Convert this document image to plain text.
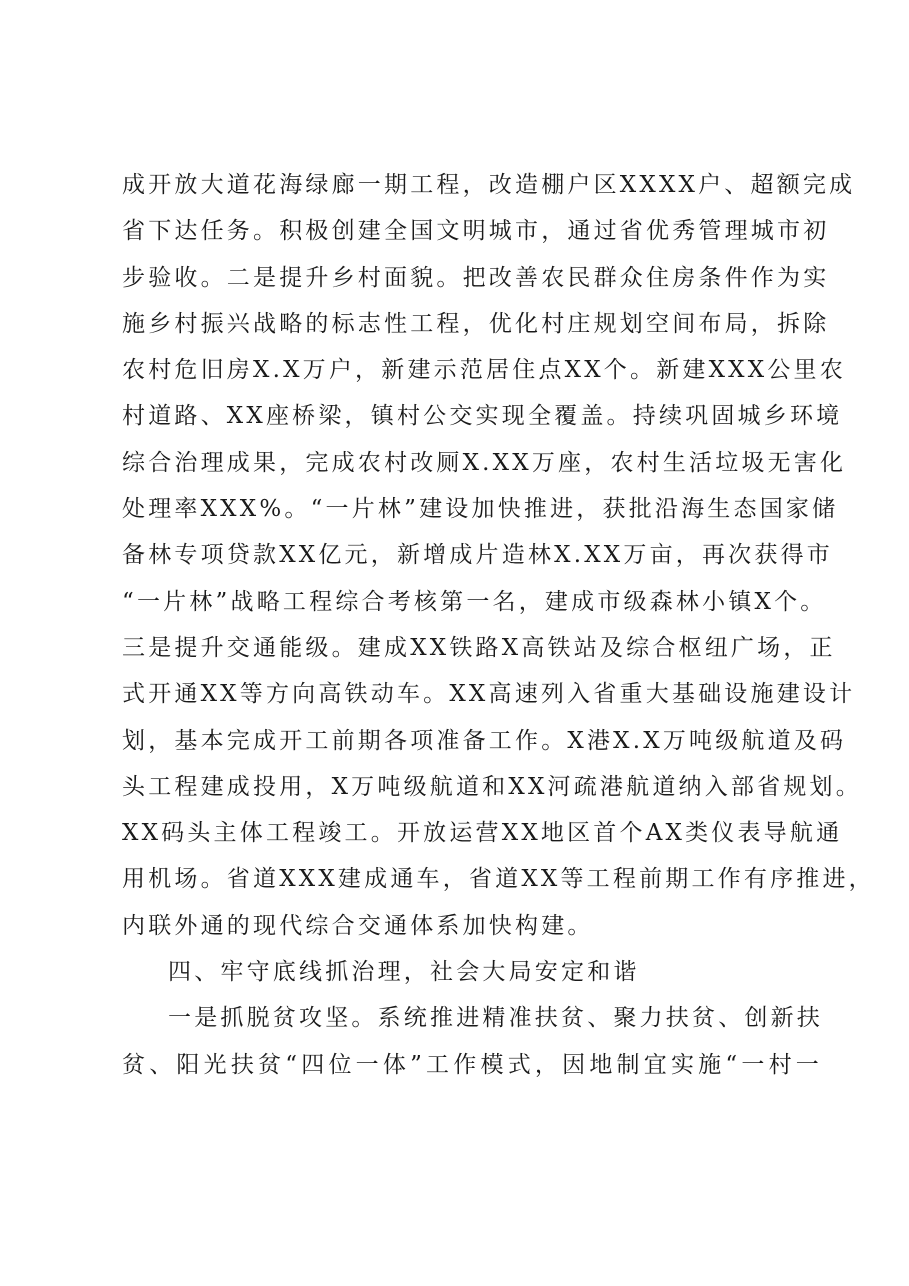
成开放大道花海绿廊一期工程，改造棚户区XXXX户、超额完成
省下达任务。积极创建全国文明城市，通过省优秀管理城市初
步验收。二是提升乡村面貌。把改善农民群众住房条件作为实
施乡村振兴战略的标志性工程，优化村庄规划空间布局，拆除
农村危旧房X.X万户，新建示范居住点XX个。新建XXX公里农
村道路、XX座桥梁，镇村公交实现全覆盖。持续巩固城乡环境
综合治理成果，完成农村改厕X.XX万座，农村生活垃圾无害化
处理率XXX%。“一片林”建设加快推进，获批沿海生态国家储
备林专项贷款XX亿元，新增成片造林X.XX万亩，再次获得市
“一片林”战略工程综合考核第一名，建成市级森林小镇X个。
三是提升交通能级。建成XX铁路X高铁站及综合枢纽广场，正
式开通XX等方向高铁动车。XX高速列入省重大基础设施建设计
划，基本完成开工前期各项准备工作。X港X.X万吨级航道及码
头工程建成投用，X万吨级航道和XX河疏港航道纳入部省规划。
XX码头主体工程竣工。开放运营XX地区首个AX类仪表导航通
用机场。省道XXX建成通车，省道XX等工程前期工作有序推进，
内联外通的现代综合交通体系加快构建。
四、牢守底线抓治理，社会大局安定和谐
一是抓脱贫攻坚。系统推进精准扶贫、聚力扶贫、创新扶
贫、阳光扶贫“四位一体”工作模式，因地制宜实施“一村一
